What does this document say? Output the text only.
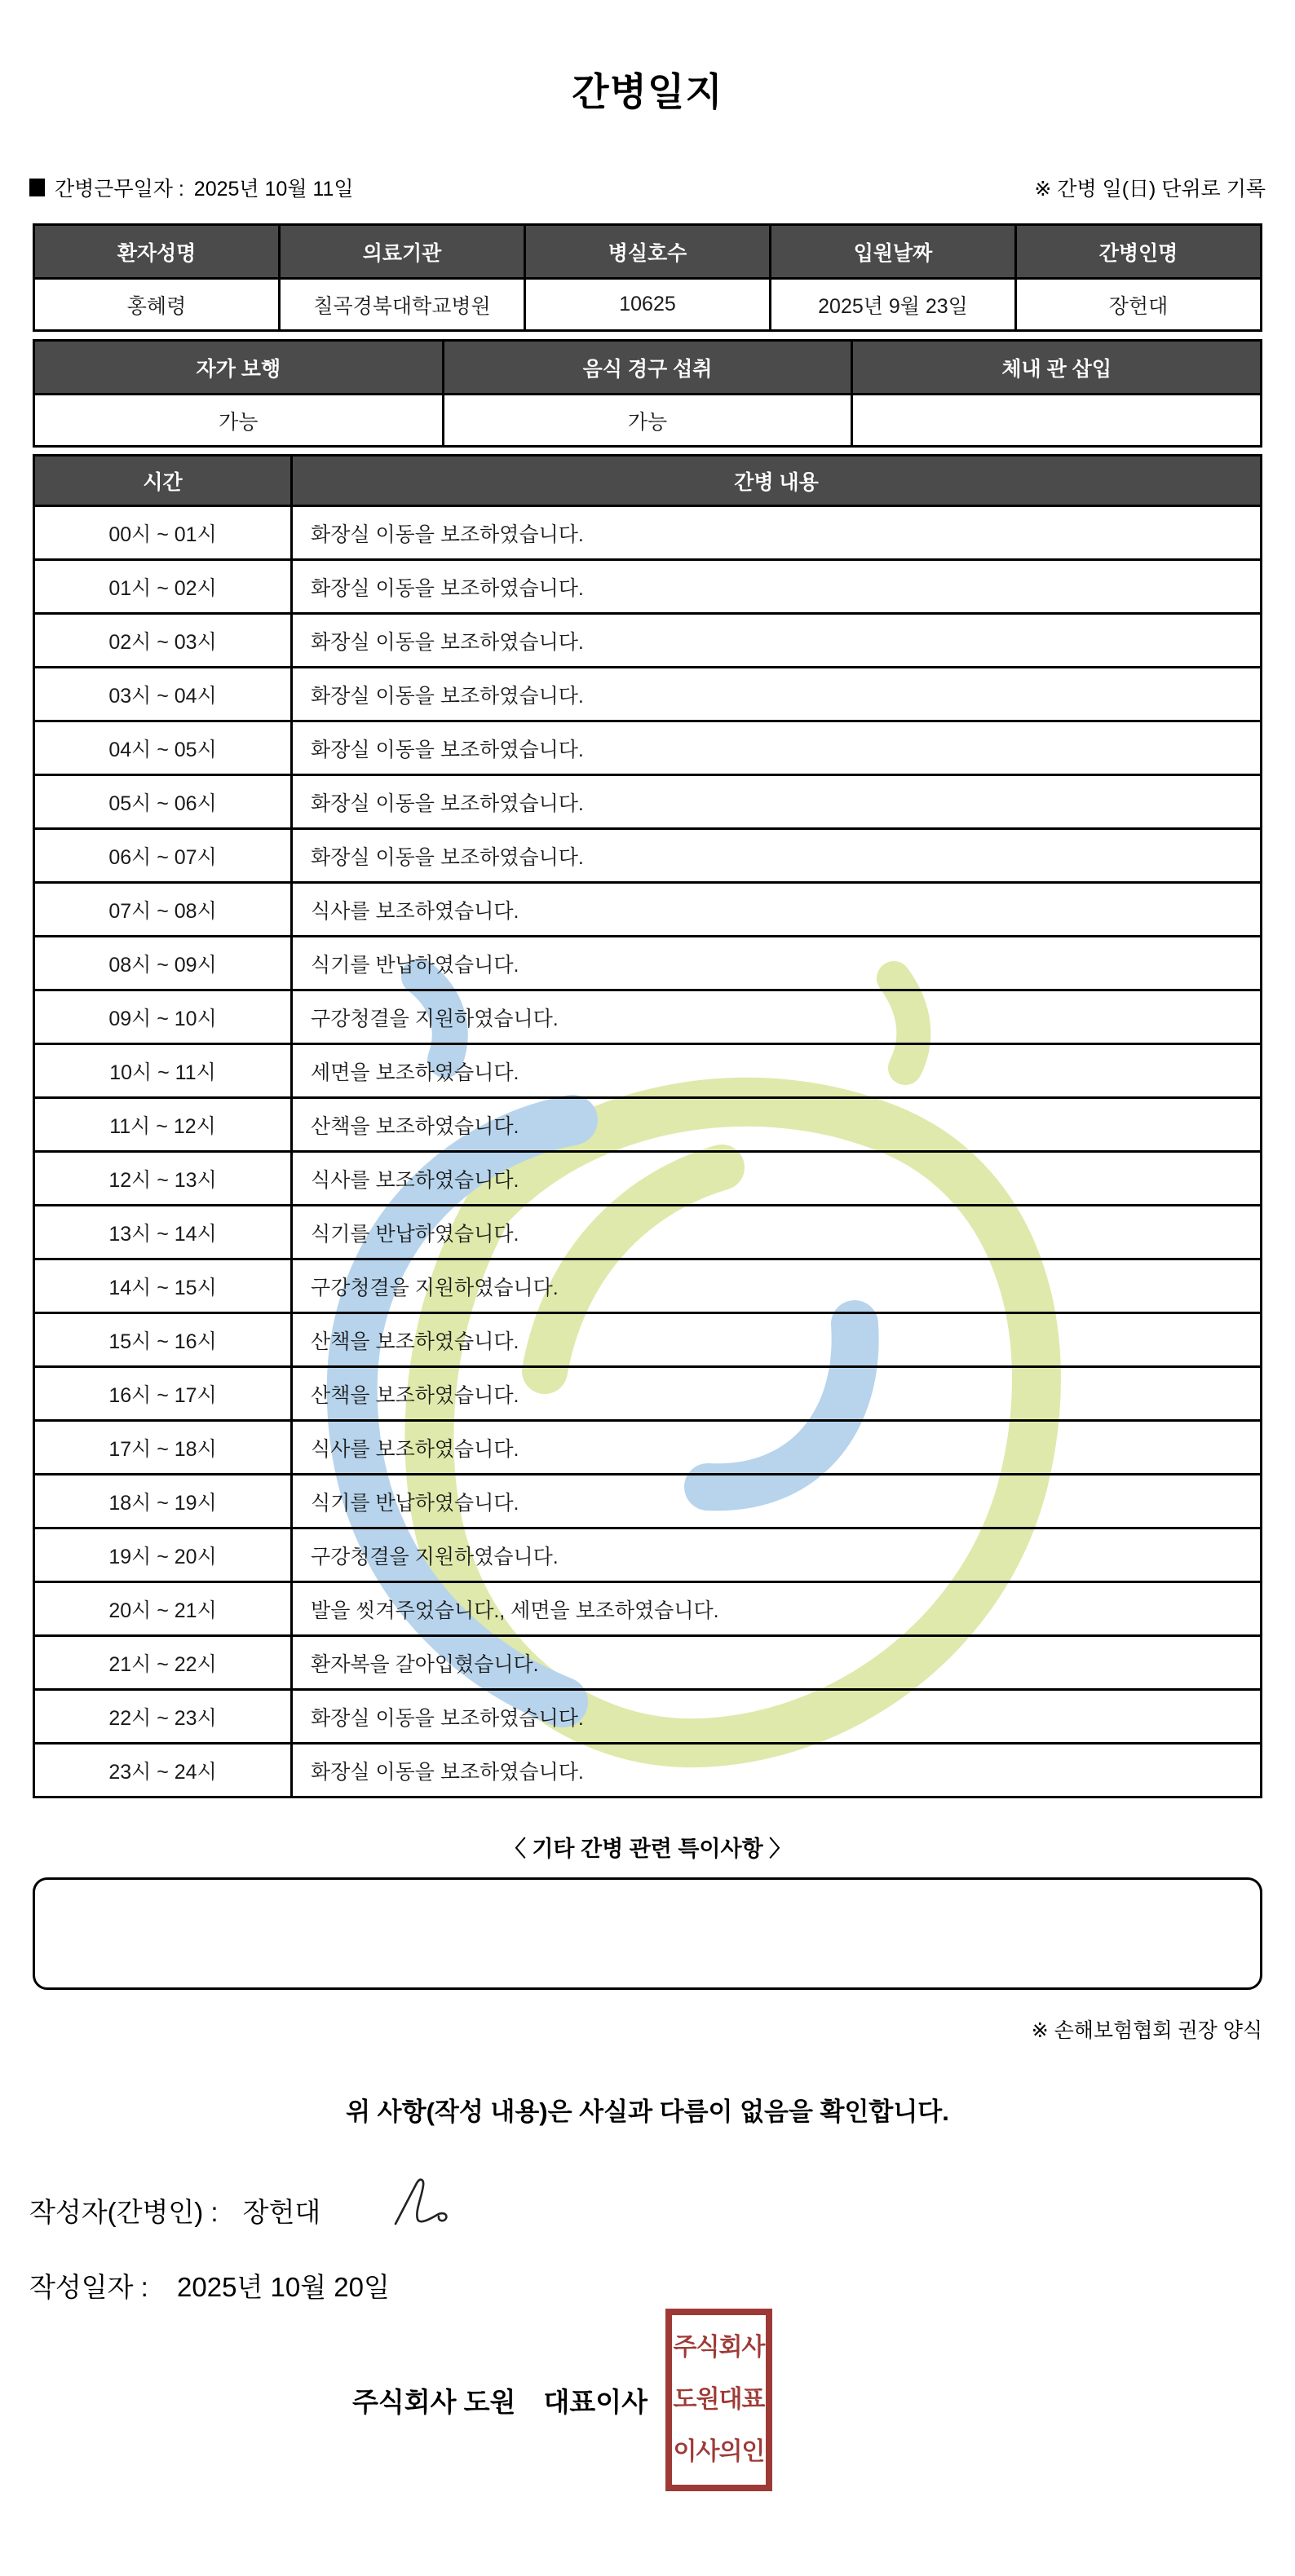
간병일지
간병근무일자 : 2025년 10월 11일	※ 간병 일(日) 단위로 기록
환자성명	의료기관	병실호수	입원날짜	간병인명
홍혜령	칠곡경북대학교병원	10625	2025년 9월 23일	장헌대
자가 보행	음식 경구 섭취	체내 관 삽입
가능	가능	
시간	간병 내용
00시 ~ 01시	화장실 이동을 보조하였습니다.
01시 ~ 02시	화장실 이동을 보조하였습니다.
02시 ~ 03시	화장실 이동을 보조하였습니다.
03시 ~ 04시	화장실 이동을 보조하였습니다.
04시 ~ 05시	화장실 이동을 보조하였습니다.
05시 ~ 06시	화장실 이동을 보조하였습니다.
06시 ~ 07시	화장실 이동을 보조하였습니다.
07시 ~ 08시	식사를 보조하였습니다.
08시 ~ 09시	식기를 반납하였습니다.
09시 ~ 10시	구강청결을 지원하였습니다.
10시 ~ 11시	세면을 보조하였습니다.
11시 ~ 12시	산책을 보조하였습니다.
12시 ~ 13시	식사를 보조하였습니다.
13시 ~ 14시	식기를 반납하였습니다.
14시 ~ 15시	구강청결을 지원하였습니다.
15시 ~ 16시	산책을 보조하였습니다.
16시 ~ 17시	산책을 보조하였습니다.
17시 ~ 18시	식사를 보조하였습니다.
18시 ~ 19시	식기를 반납하였습니다.
19시 ~ 20시	구강청결을 지원하였습니다.
20시 ~ 21시	발을 씻겨주었습니다., 세면을 보조하였습니다.
21시 ~ 22시	환자복을 갈아입혔습니다.
22시 ~ 23시	화장실 이동을 보조하였습니다.
23시 ~ 24시	화장실 이동을 보조하였습니다.
〈 기타 간병 관련 특이사항 〉
※ 손해보험협회 권장 양식
위 사항(작성 내용)은 사실과 다름이 없음을 확인합니다.
작성자(간병인) : 장헌대
작성일자 : 2025년 10월 20일
주식회사 도원 대표이사
주식회사
도원대표
이사의인
